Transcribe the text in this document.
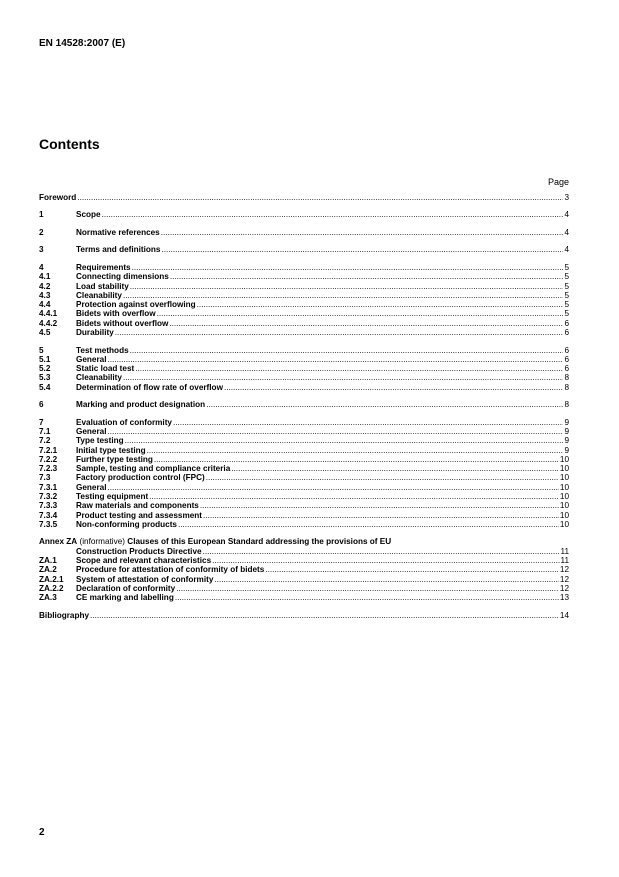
EN 14528:2007 (E)
Contents
Page
Foreword .....	3
1	Scope .....	4
2	Normative references .....	4
3	Terms and definitions .....	4
4	Requirements .....	5
4.1	Connecting dimensions .....	5
4.2	Load stability .....	5
4.3	Cleanability .....	5
4.4	Protection against overflowing .....	5
4.4.1	Bidets with overflow .....	5
4.4.2	Bidets without overflow .....	6
4.5	Durability .....	6
5	Test methods .....	6
5.1	General .....	6
5.2	Static load test .....	6
5.3	Cleanability .....	8
5.4	Determination of flow rate of overflow .....	8
6	Marking and product designation .....	8
7	Evaluation of conformity .....	9
7.1	General .....	9
7.2	Type testing .....	9
7.2.1	Initial type testing .....	9
7.2.2	Further type testing .....	10
7.2.3	Sample, testing and compliance criteria .....	10
7.3	Factory production control (FPC) .....	10
7.3.1	General .....	10
7.3.2	Testing equipment .....	10
7.3.3	Raw materials and components .....	10
7.3.4	Product testing and assessment .....	10
7.3.5	Non-conforming products .....	10
Annex ZA (informative) Clauses of this European Standard addressing the provisions of EU
Construction Products Directive .....	11
ZA.1	Scope and relevant characteristics .....	11
ZA.2	Procedure for attestation of conformity of bidets .....	12
ZA.2.1	System of attestation of conformity .....	12
ZA.2.2	Declaration of conformity .....	12
ZA.3	CE marking and labelling .....	13
Bibliography .....	14
2
